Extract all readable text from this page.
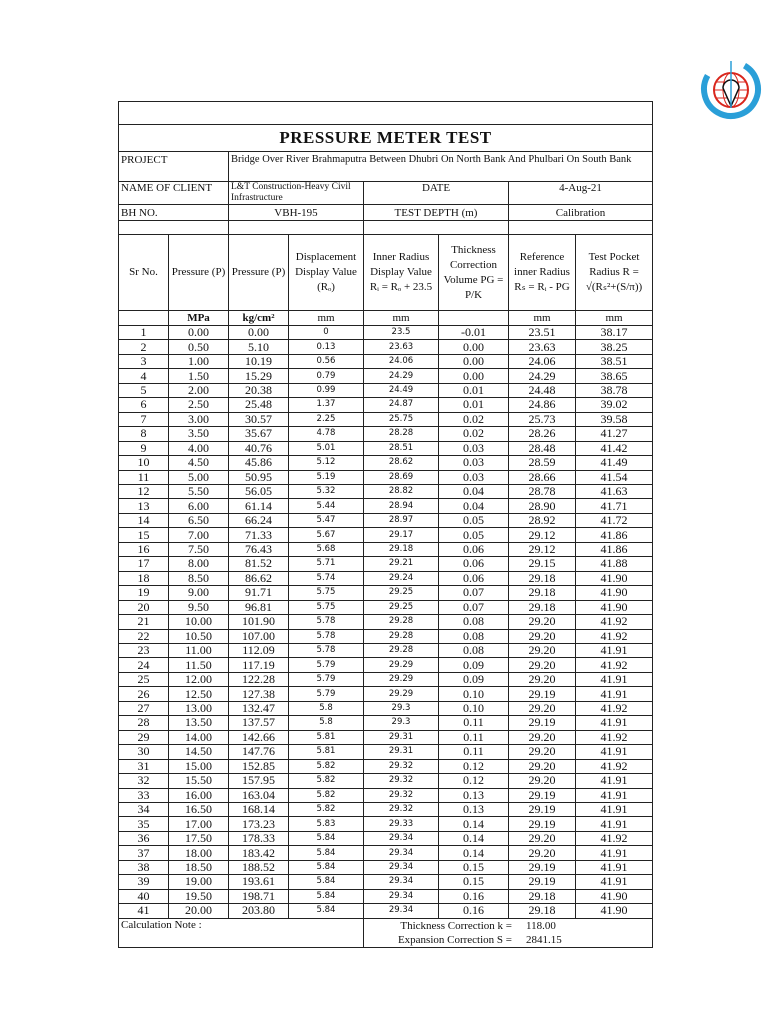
PRESSURE METER TEST							
PROJECT		Bridge Over River Brahmaputra Between Dhubri On North Bank And Phulbari On South Bank					
NAME OF CLIENT		L&T Construction-Heavy Civil Infrastructure		DATE		4-Aug-21	
BH NO.		VBH-195		TEST DEPTH (m)		Calibration	

Sr No.	Pressure (P)	Pressure (P)	Displacement Display Value (Rₒ)	Inner Radius Display Value Rᵢ = Rₒ + 23.5	Thickness Correction Volume PG = P/K	Reference inner Radius Rₛ = Rᵢ - PG	Test Pocket Radius R = √(Rₛ²+(S/π))
	MPa	kg/cm²	mm	mm		mm	mm
1	0.00	0.00	0	23.5	-0.01	23.51	38.17
2	0.50	5.10	0.13	23.63	0.00	23.63	38.25
3	1.00	10.19	0.56	24.06	0.00	24.06	38.51
4	1.50	15.29	0.79	24.29	0.00	24.29	38.65
5	2.00	20.38	0.99	24.49	0.01	24.48	38.78
6	2.50	25.48	1.37	24.87	0.01	24.86	39.02
7	3.00	30.57	2.25	25.75	0.02	25.73	39.58
8	3.50	35.67	4.78	28.28	0.02	28.26	41.27
9	4.00	40.76	5.01	28.51	0.03	28.48	41.42
10	4.50	45.86	5.12	28.62	0.03	28.59	41.49
11	5.00	50.95	5.19	28.69	0.03	28.66	41.54
12	5.50	56.05	5.32	28.82	0.04	28.78	41.63
13	6.00	61.14	5.44	28.94	0.04	28.90	41.71
14	6.50	66.24	5.47	28.97	0.05	28.92	41.72
15	7.00	71.33	5.67	29.17	0.05	29.12	41.86
16	7.50	76.43	5.68	29.18	0.06	29.12	41.86
17	8.00	81.52	5.71	29.21	0.06	29.15	41.88
18	8.50	86.62	5.74	29.24	0.06	29.18	41.90
19	9.00	91.71	5.75	29.25	0.07	29.18	41.90
20	9.50	96.81	5.75	29.25	0.07	29.18	41.90
21	10.00	101.90	5.78	29.28	0.08	29.20	41.92
22	10.50	107.00	5.78	29.28	0.08	29.20	41.92
23	11.00	112.09	5.78	29.28	0.08	29.20	41.91
24	11.50	117.19	5.79	29.29	0.09	29.20	41.92
25	12.00	122.28	5.79	29.29	0.09	29.20	41.91
26	12.50	127.38	5.79	29.29	0.10	29.19	41.91
27	13.00	132.47	5.8	29.3	0.10	29.20	41.92
28	13.50	137.57	5.8	29.3	0.11	29.19	41.91
29	14.00	142.66	5.81	29.31	0.11	29.20	41.92
30	14.50	147.76	5.81	29.31	0.11	29.20	41.91
31	15.00	152.85	5.82	29.32	0.12	29.20	41.92
32	15.50	157.95	5.82	29.32	0.12	29.20	41.91
33	16.00	163.04	5.82	29.32	0.13	29.19	41.91
34	16.50	168.14	5.82	29.32	0.13	29.19	41.91
35	17.00	173.23	5.83	29.33	0.14	29.19	41.91
36	17.50	178.33	5.84	29.34	0.14	29.20	41.92
37	18.00	183.42	5.84	29.34	0.14	29.20	41.91
38	18.50	188.52	5.84	29.34	0.15	29.19	41.91
39	19.00	193.61	5.84	29.34	0.15	29.19	41.91
40	19.50	198.71	5.84	29.34	0.16	29.18	41.90
41	20.00	203.80	5.84	29.34	0.16	29.18	41.90
Calculation Note :				Thickness Correction k = 118.00
Expansion Correction S = 2841.15			
